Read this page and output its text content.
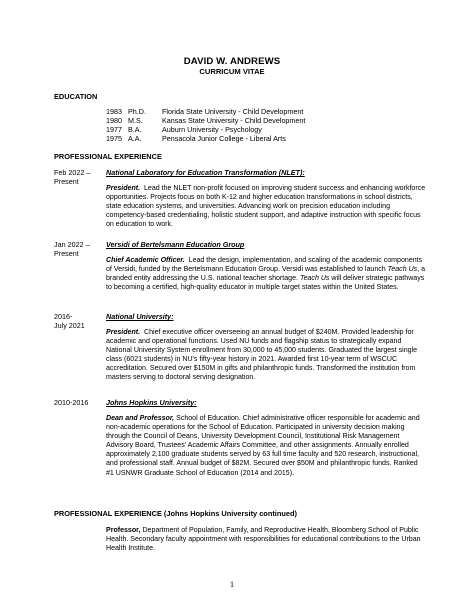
DAVID W. ANDREWS
CURRICUM VITAE
EDUCATION
1983 Ph.D. Florida State University - Child Development
1980 M.S.	Kansas State University - Child Development
1977 B.A.	Auburn University - Psychology
1975 A.A.	Pensacola Junior College - Liberal Arts
PROFESSIONAL EXPERIENCE
Feb 2022 –
Present
National Laboratory for Education Transformation (NLET):
President. Lead the NLET non-profit focused on improving student success and enhancing workforce opportunities. Projects focus on both K-12 and higher education transformations in school districts, state education systems, and universities. Advancing work on precision education including competency-based credentialing, holistic student support, and adaptive instruction with specific focus on education to work.
Jan 2022 –
Present
Versidi of Bertelsmann Education Group
Chief Academic Officer. Lead the design, implementation, and scaling of the academic components of Versidi, funded by the Bertelsmann Education Group. Versidi was established to launch Teach Us, a branded entity addressing the U.S. national teacher shortage. Teach Us will deliver strategic pathways to becoming a certified, high-quality educator in multiple target states within the United States.
2016-
July 2021
National University:
President. Chief executive officer overseeing an annual budget of $240M. Provided leadership for academic and operational functions. Used NU funds and flagship status to strategically expand National University System enrollment from 30,000 to 45,000 students. Graduated the largest single class (6021 students) in NU's fifty-year history in 2021. Awarded first 10-year term of WSCUC accreditation. Secured over $150M in gifts and philanthropic funds. Transformed the institution from masters serving to doctoral serving designation.
2010-2016	Johns Hopkins University:
Dean and Professor, School of Education. Chief administrative officer responsible for academic and non-academic operations for the School of Education. Participated in university decision making through the Council of Deans, University Development Council, Institutional Risk Management Advisory Board, Trustees' Academic Affairs Committee, and other assignments. Annually enrolled approximately 2,100 graduate students served by 63 full time faculty and 520 research, instructional, and professional staff. Annual budget of $82M. Secured over $50M and philanthropic funds. Ranked #1 USNWR Graduate School of Education (2014 and 2015).
PROFESSIONAL EXPERIENCE (Johns Hopkins University continued)
Professor, Department of Population, Family, and Reproductive Health, Bloomberg School of Public Health. Secondary faculty appointment with responsibilities for educational contributions to the Urban Health Institute.
1
